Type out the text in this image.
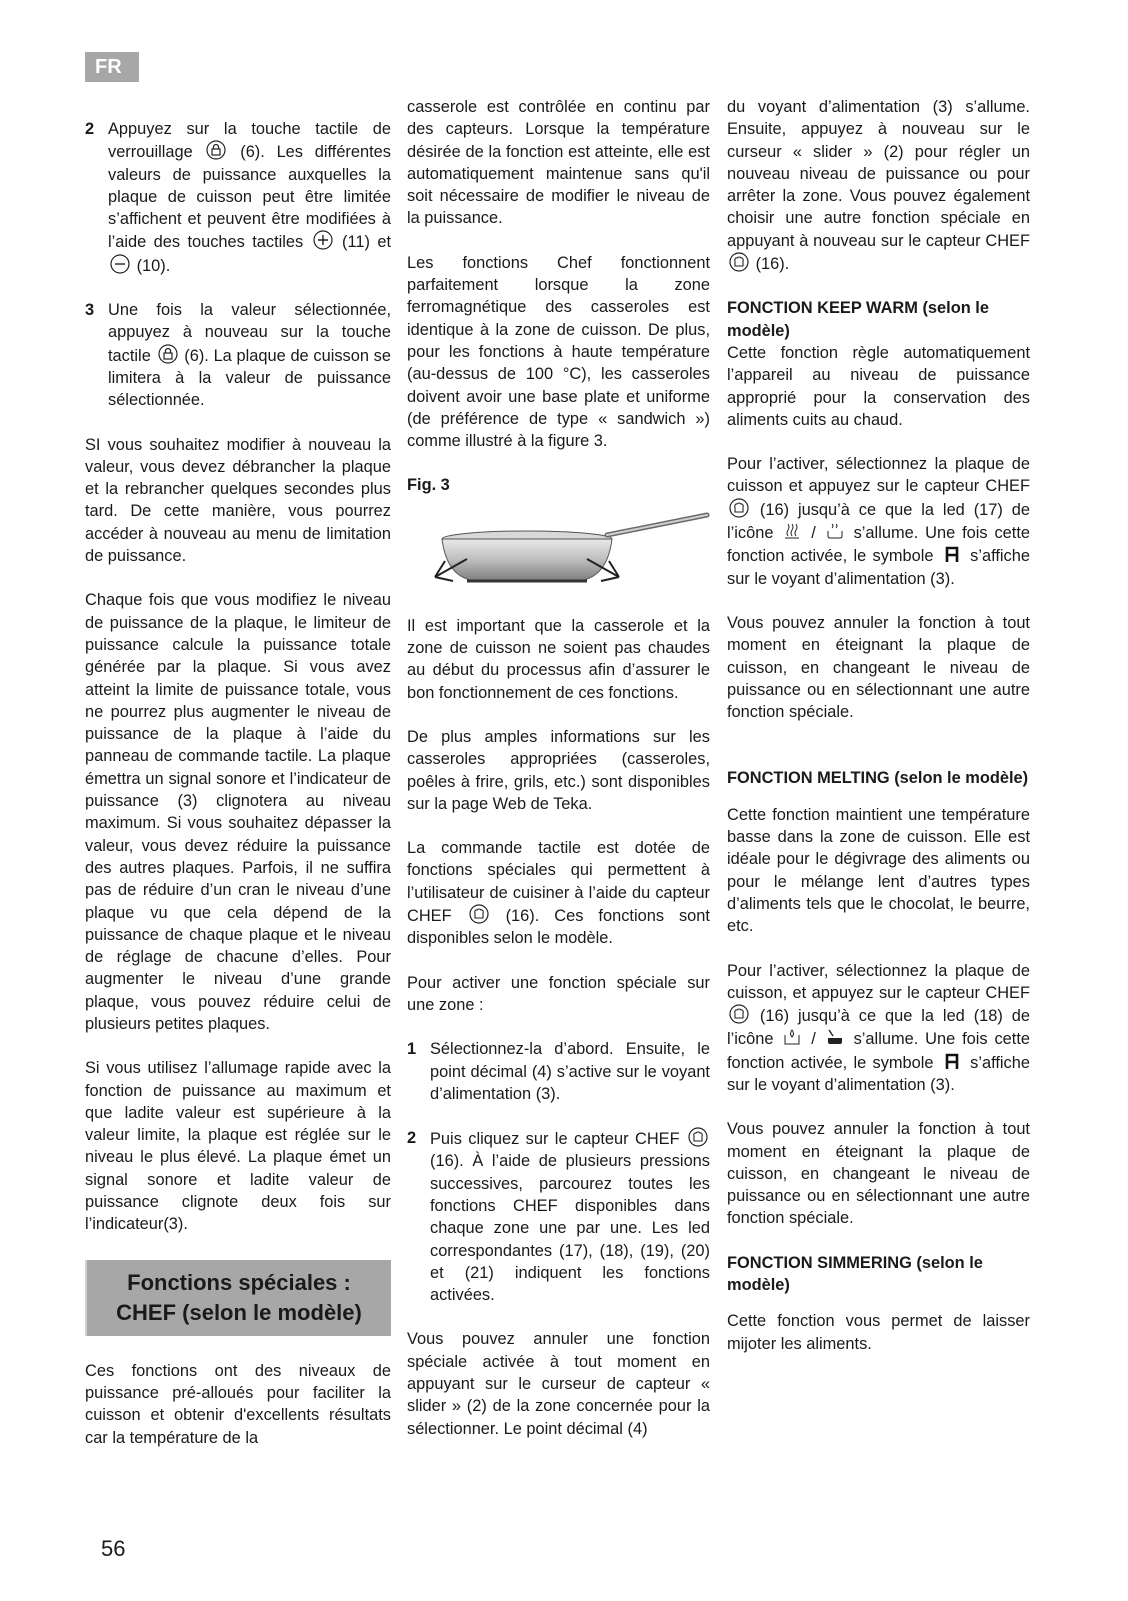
FR
2 Appuyez sur la touche tactile de verrouillage	(6). Les différentes valeurs de puissance auxquelles la plaque de cuisson peut être limitée s’affichent et peuvent être modifiées à l’aide des touches tactiles (11) et
(10).
3 Une fois la valeur sélectionnée, appuyez à nouveau sur la touche tactile (6). La plaque de cuisson se limitera à la valeur de puissance sélectionnée.

SI vous souhaitez modifier à nouveau la valeur, vous devez débrancher la plaque et la rebrancher quelques secondes plus tard. De cette manière, vous pourrez accéder à nouveau au menu de limitation de puissance.

Chaque fois que vous modifiez le niveau de puissance de la plaque, le limiteur de puissance calcule la puissance totale générée par la plaque. Si vous avez atteint la limite de puissance totale, vous ne pourrez plus augmenter le niveau de puissance de la plaque à l’aide du panneau de commande tactile. La plaque émettra un signal sonore et l’indicateur de puissance (3) clignotera au niveau maximum. Si vous souhaitez dépasser la valeur, vous devez réduire la puissance des autres plaques. Parfois, il ne suffira pas de réduire d’un cran le niveau d’une plaque vu que cela dépend de la puissance de chaque plaque et le niveau de réglage de chacune d’elles. Pour augmenter le niveau d’une grande plaque, vous pouvez réduire celui de plusieurs petites plaques.

Si vous utilisez l’allumage rapide avec la fonction de puissance au maximum et que ladite valeur est supérieure à la valeur limite, la plaque est réglée sur le niveau le plus élevé. La plaque émet un signal sonore et ladite valeur de puissance clignote deux fois sur l’indicateur(3).

Fonctions spéciales :
CHEF (selon le modèle)

Ces fonctions ont des niveaux de puissance pré-alloués pour faciliter la cuisson et obtenir d'excellents résultats car la température de la

casserole est contrôlée en continu par des capteurs. Lorsque la température désirée de la fonction est atteinte, elle est automatiquement maintenue sans qu'il soit nécessaire de modifier le niveau de la puissance.

Les fonctions Chef fonctionnent parfaitement lorsque la zone ferromagnétique des casseroles est identique à la zone de cuisson. De plus, pour les fonctions à haute température (au-dessus de 100 °C), les casseroles doivent avoir une base plate et uniforme (de préférence de type « sandwich ») comme illustré à la figure 3.

Fig. 3

Il est important que la casserole et la zone de cuisson ne soient pas chaudes au début du processus afin d’assurer le bon fonctionnement de ces fonctions.

De plus amples informations sur les casseroles appropriées (casseroles, poêles à frire, grils, etc.) sont disponibles sur la page Web de Teka.

La commande tactile est dotée de fonctions spéciales qui permettent à l’utilisateur de cuisiner à l’aide du capteur CHEF	(16). Ces fonctions sont disponibles selon le modèle.

Pour activer une fonction spéciale sur une zone :

1 Sélectionnez-la d’abord. Ensuite, le point décimal (4) s’active sur le voyant d’alimentation (3).
2 Puis cliquez sur le capteur CHEF
(16). À l’aide de plusieurs pressions successives, parcourez toutes les fonctions CHEF disponibles dans chaque zone une par une. Les led correspondantes (17), (18), (19), (20) et (21) indiquent les fonctions activées.

Vous pouvez annuler une fonction spéciale activée à tout moment en appuyant sur le curseur de capteur « slider » (2) de la zone concernée pour la sélectionner. Le point décimal (4)

du voyant d’alimentation (3) s’allume. Ensuite, appuyez à nouveau sur le curseur « slider » (2) pour régler un nouveau niveau de puissance ou pour arrêter la zone. Vous pouvez également choisir une autre fonction spéciale en appuyant à nouveau sur le capteur CHEF
(16).

FONCTION KEEP WARM (selon le modèle)

Cette fonction règle automatiquement l’appareil au niveau de puissance approprié pour la conservation des aliments cuits au chaud.

Pour l’activer, sélectionnez la plaque de cuisson et appuyez sur le capteur CHEF
(16) jusqu’à ce que la led (17) de l’icône / s’allume. Une fois cette fonction activée, le symbole s’affiche sur le voyant d’alimentation (3).

Vous pouvez annuler la fonction à tout moment en éteignant la plaque de cuisson, en changeant le niveau de puissance ou en sélectionnant une autre fonction spéciale.

FONCTION MELTING (selon le modèle)

Cette fonction maintient une température basse dans la zone de cuisson. Elle est idéale pour le dégivrage des aliments ou pour le mélange lent d’autres types d’aliments tels que le chocolat, le beurre, etc.

Pour l’activer, sélectionnez la plaque de cuisson, et appuyez sur le capteur CHEF
(16) jusqu’à ce que la led (18) de l’icône / s’allume. Une fois cette fonction activée, le symbole s’affiche sur le voyant d’alimentation (3).

Vous pouvez annuler la fonction à tout moment en éteignant la plaque de cuisson, en changeant le niveau de puissance ou en sélectionnant une autre fonction spéciale.

FONCTION SIMMERING (selon le modèle)

Cette fonction vous permet de laisser mijoter les aliments.

56
